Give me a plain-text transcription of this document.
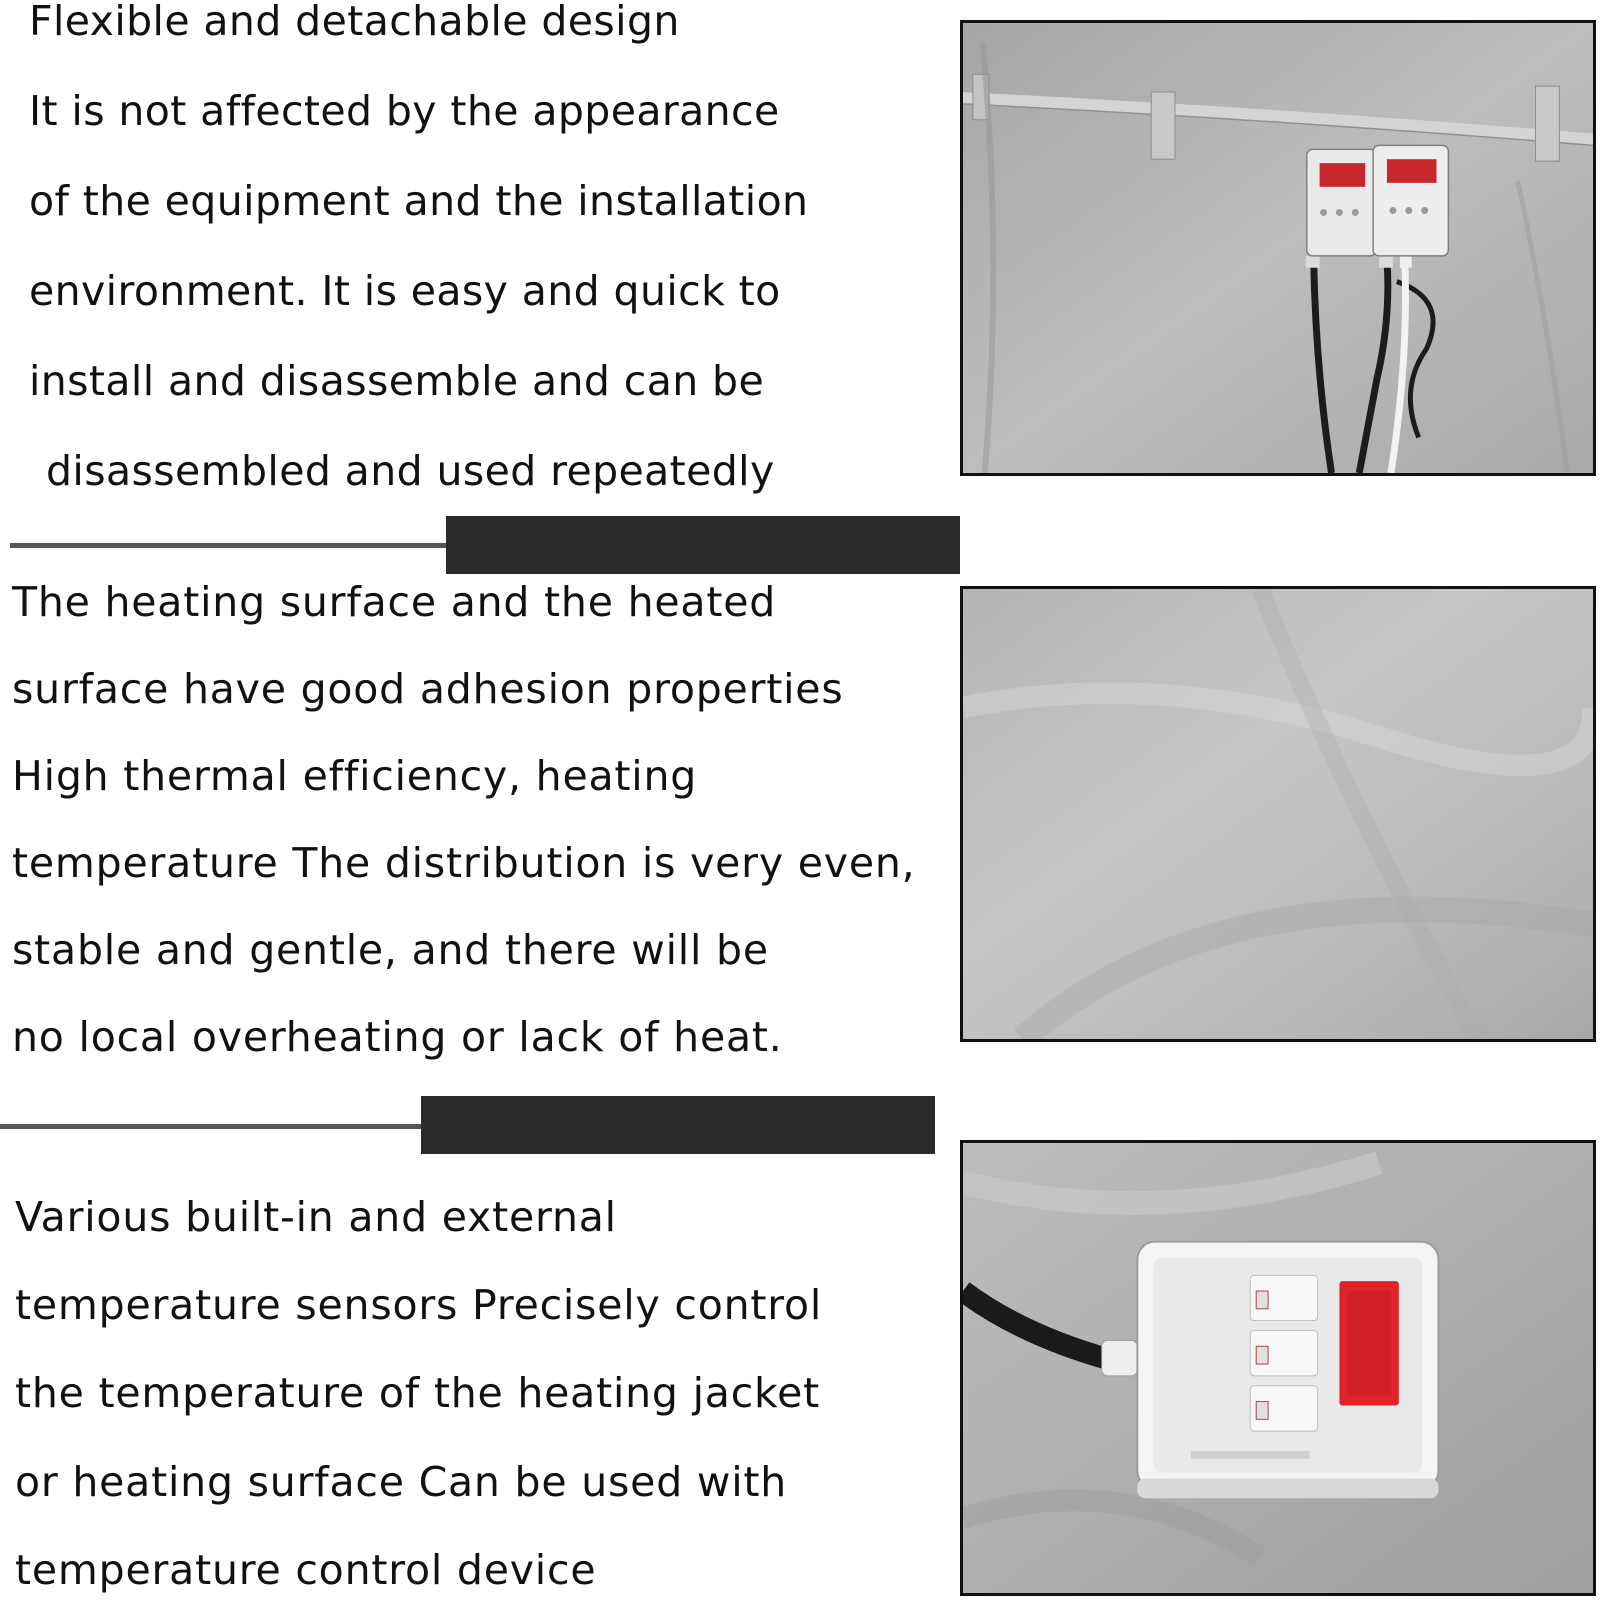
Flexible and detachable design

It is not affected by the appearance

of the equipment and the installation

environment. It is easy and quick to

install and disassemble and can be

disassembled and used repeatedly

The heating surface and the heated

surface have good adhesion properties

High thermal efficiency, heating

temperature The distribution is very even,

stable and gentle, and there will be

no local overheating or lack of heat.

Various built-in and external

temperature sensors Precisely control

the temperature of the heating jacket

or heating surface Can be used with

temperature control device
